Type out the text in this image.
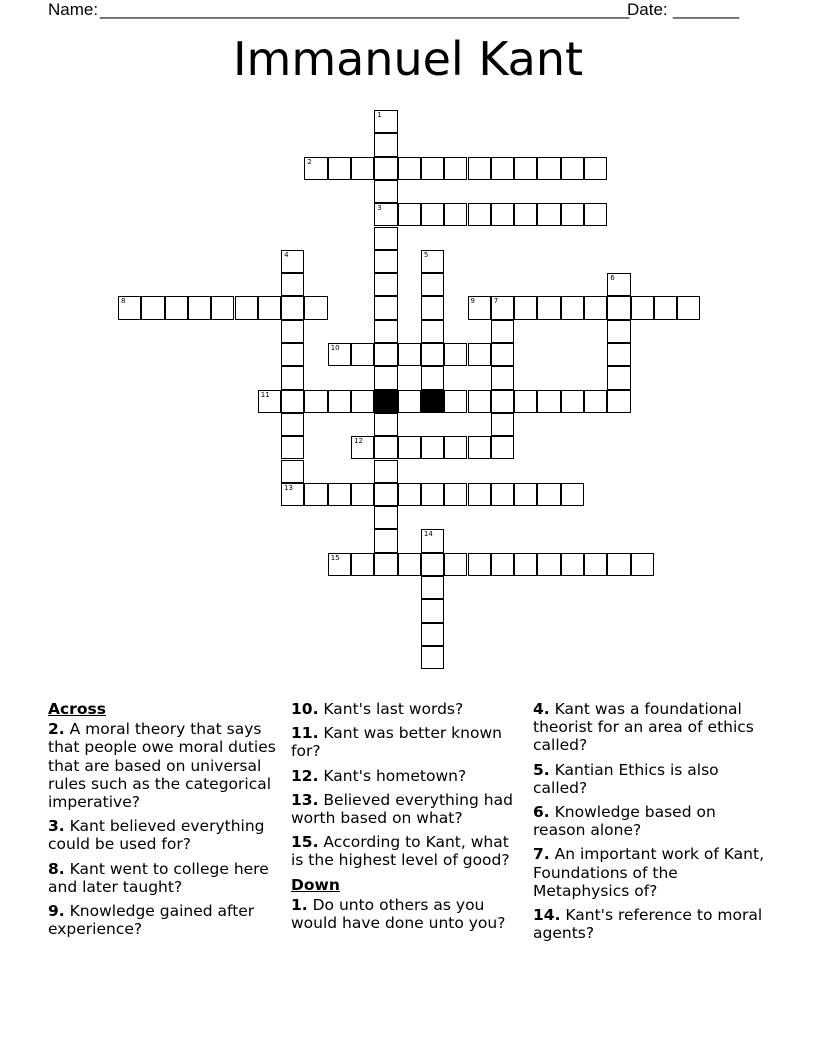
Name: ________________________________________________________
Date: _______
Immanuel Kant
2
3
8	9	7
10
11
12
13
15
1
4	5
6
14
Across
2. A moral theory that says that people owe moral duties that are based on universal rules such as the categorical imperative?
3. Kant believed everything could be used for?
8. Kant went to college here and later taught?
9. Knowledge gained after experience?
10. Kant's last words?
11. Kant was better known for?
12. Kant's hometown?
13. Believed everything had worth based on what?
15. According to Kant, what is the highest level of good?
Down
1. Do unto others as you would have done unto you?
4. Kant was a foundational theorist for an area of ethics called?
5. Kantian Ethics is also called?
6. Knowledge based on reason alone?
7. An important work of Kant, Foundations of the Metaphysics of?
14. Kant's reference to moral agents?
